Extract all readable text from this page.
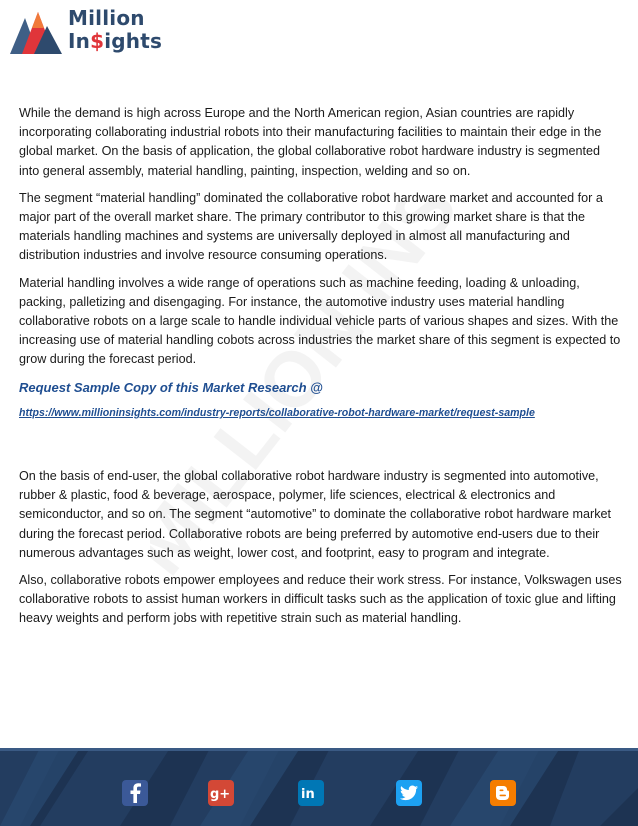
Million
In$ights

While the demand is high across Europe and the North American region, Asian countries are rapidly incorporating collaborating industrial robots into their manufacturing facilities to maintain their edge in the global market. On the basis of application, the global collaborative robot hardware industry is segmented into general assembly, material handling, painting, inspection, welding and so on.

The segment “material handling” dominated the collaborative robot hardware market and accounted for a major part of the overall market share. The primary contributor to this growing market share is that the materials handling machines and systems are universally deployed in almost all manufacturing and distribution industries and involve resource consuming operations.

Material handling involves a wide range of operations such as machine feeding, loading & unloading, packing, palletizing and disengaging. For instance, the automotive industry uses material handling collaborative robots on a large scale to handle individual vehicle parts of various shapes and sizes. With the increasing use of material handling cobots across industries the market share of this segment is expected to grow during the forecast period.

Request Sample Copy of this Market Research @

https://www.millioninsights.com/industry-reports/collaborative-robot-hardware-market/request-sample

On the basis of end-user, the global collaborative robot hardware industry is segmented into automotive, rubber & plastic, food & beverage, aerospace, polymer, life sciences, electrical & electronics and semiconductor, and so on. The segment “automotive” to dominate the collaborative robot hardware market during the forecast period. Collaborative robots are being preferred by automotive end-users due to their numerous advantages such as weight, lower cost, and footprint, easy to program and integrate.

Also, collaborative robots empower employees and reduce their work stress. For instance, Volkswagen uses collaborative robots to assist human workers in difficult tasks such as the application of toxic glue and lifting heavy weights and perform jobs with repetitive strain such as material handling.

g+	in
